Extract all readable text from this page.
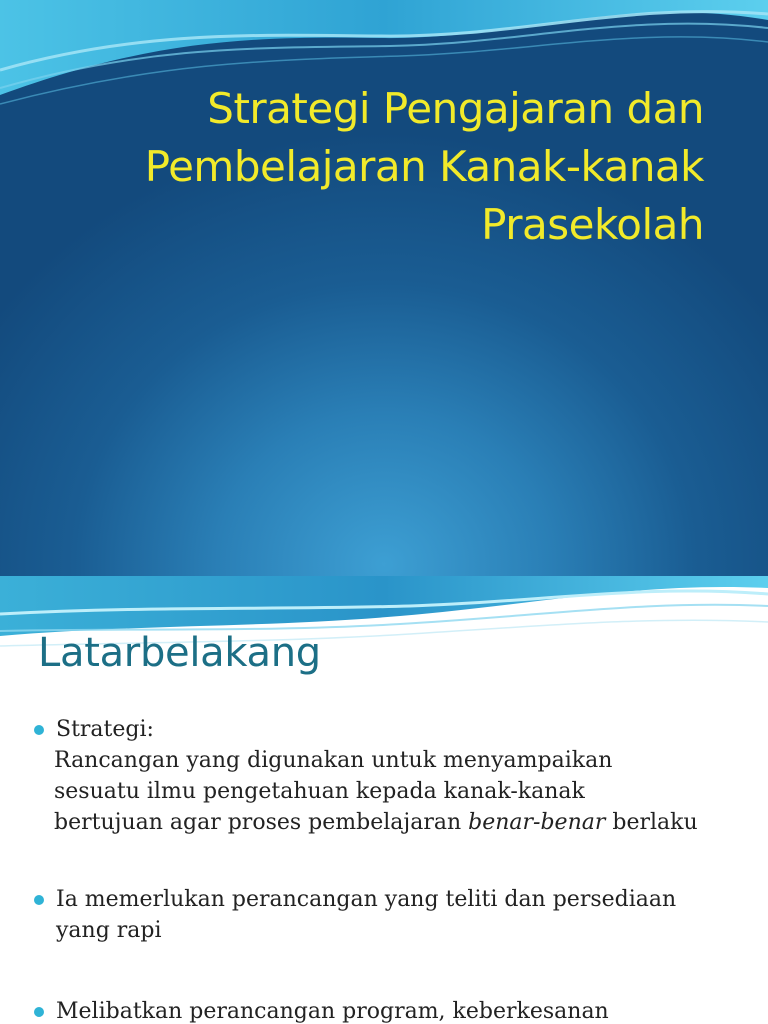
Strategi Pengajaran dan
Pembelajaran Kanak-kanak
Prasekolah
Latarbelakang
Strategi:
Rancangan yang digunakan untuk menyampaikan
sesuatu ilmu pengetahuan kepada kanak-kanak
bertujuan agar proses pembelajaran benar-benar berlaku
Ia memerlukan perancangan yang teliti dan persediaan
yang rapi
Melibatkan perancangan program, keberkesanan
